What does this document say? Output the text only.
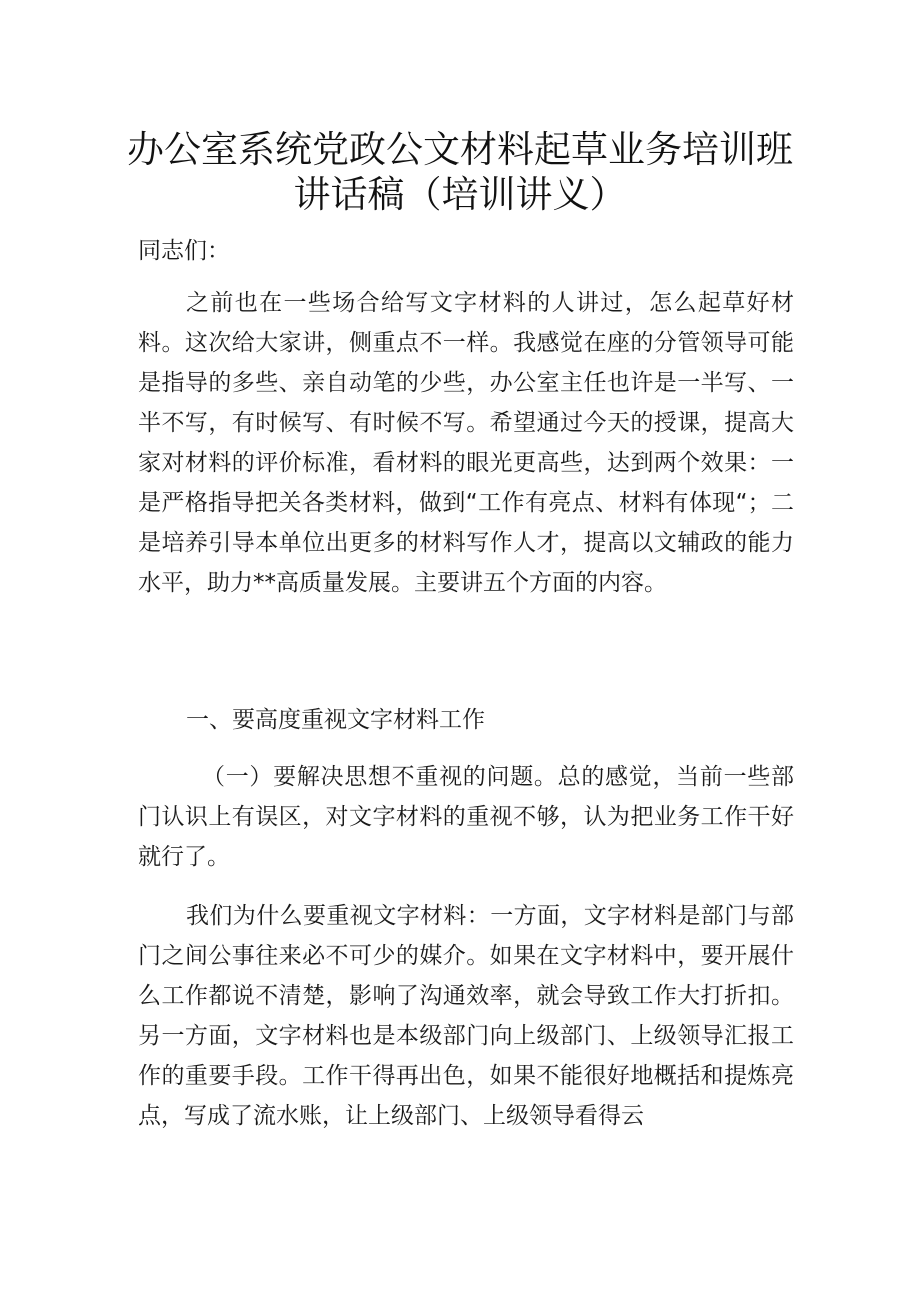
办公室系统党政公文材料起草业务培训班
讲话稿（培训讲义）

同志们：

之前也在一些场合给写文字材料的人讲过，怎么起草好材料。这次给大家讲，侧重点不一样。我感觉在座的分管领导可能是指导的多些、亲自动笔的少些，办公室主任也许是一半写、一半不写，有时候写、有时候不写。希望通过今天的授课，提高大家对材料的评价标准，看材料的眼光更高些，达到两个效果：一是严格指导把关各类材料，做到“工作有亮点、材料有体现“；二是培养引导本单位出更多的材料写作人才，提高以文辅政的能力水平，助力**高质量发展。主要讲五个方面的内容。

一、要高度重视文字材料工作

（一）要解决思想不重视的问题。总的感觉，当前一些部门认识上有误区，对文字材料的重视不够，认为把业务工作干好就行了。

我们为什么要重视文字材料：一方面，文字材料是部门与部门之间公事往来必不可少的媒介。如果在文字材料中，要开展什么工作都说不清楚，影响了沟通效率，就会导致工作大打折扣。另一方面，文字材料也是本级部门向上级部门、上级领导汇报工作的重要手段。工作干得再出色，如果不能很好地概括和提炼亮点，写成了流水账，让上级部门、上级领导看得云
